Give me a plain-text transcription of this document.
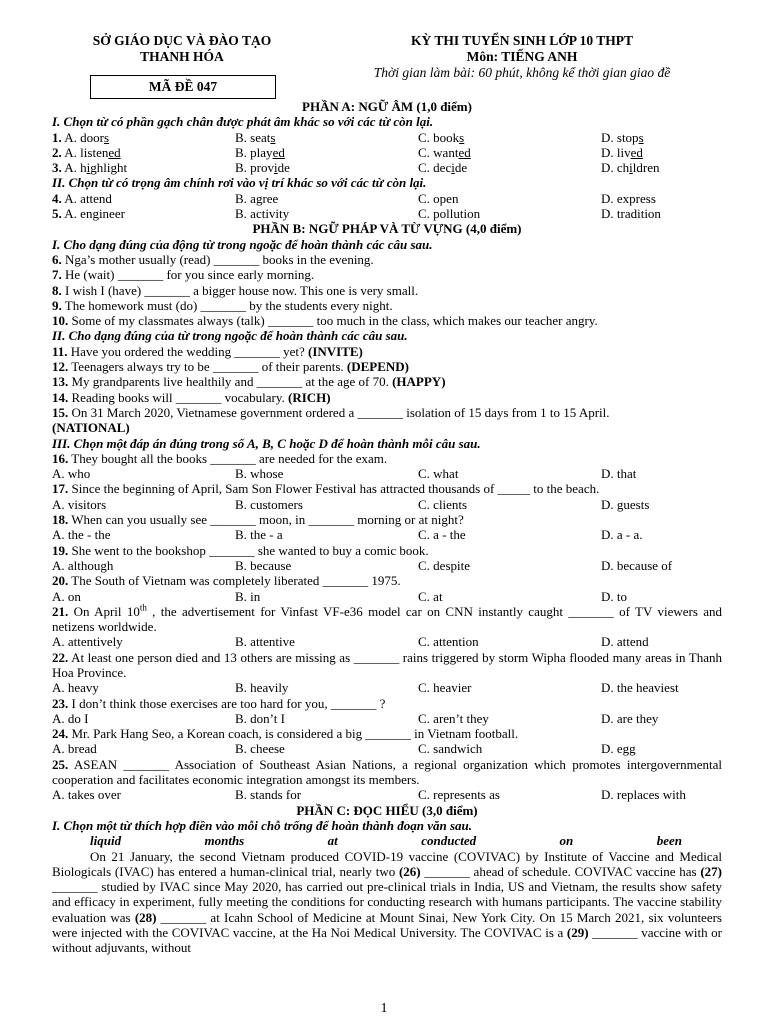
SỞ GIÁO DỤC VÀ ĐÀO TẠO
THANH HÓA
MÃ ĐỀ 047
KỲ THI TUYỂN SINH LỚP 10 THPT
Môn: TIẾNG ANH
Thời gian làm bài: 60 phút, không kể thời gian giao đề
PHẦN A: NGỮ ÂM (1,0 điểm)
I. Chọn từ có phần gạch chân được phát âm khác so với các từ còn lại.
1. A. doors	B. seats	C. books	D. stops
2. A. listened	B. played	C. wanted	D. lived
3. A. highlight	B. provide	C. decide	D. children
II. Chọn từ có trọng âm chính rơi vào vị trí khác so với các từ còn lại.
4. A. attend	B. agree	C. open	D. express
5. A. engineer	B. activity	C. pollution	D. tradition
PHẦN B: NGỮ PHÁP VÀ TỪ VỰNG (4,0 điểm)
I. Cho dạng đúng của động từ trong ngoặc để hoàn thành các câu sau.
6. Nga’s mother usually (read) _______ books in the evening.
7. He (wait) _______ for you since early morning.
8. I wish I (have) _______ a bigger house now. This one is very small.
9. The homework must (do) _______ by the students every night.
10. Some of my classmates always (talk) _______ too much in the class, which makes our teacher angry.
II. Cho dạng đúng của từ trong ngoặc để hoàn thành các câu sau.
11. Have you ordered the wedding _______ yet? (INVITE)
12. Teenagers always try to be _______ of their parents. (DEPEND)
13. My grandparents live healthily and _______ at the age of 70. (HAPPY)
14. Reading books will _______ vocabulary. (RICH)
15. On 31 March 2020, Vietnamese government ordered a _______ isolation of 15 days from 1 to 15 April.
(NATIONAL)
III. Chọn một đáp án đúng trong số A, B, C hoặc D để hoàn thành mỗi câu sau.
16. They bought all the books _______ are needed for the exam.
A. who	B. whose	C. what	D. that
17. Since the beginning of April, Sam Son Flower Festival has attracted thousands of _____ to the beach.
A. visitors	B. customers	C. clients	D. guests
18. When can you usually see _______ moon, in _______ morning or at night?
A. the - the	B. the - a	C. a - the	D. a - a.
19. She went to the bookshop _______ she wanted to buy a comic book.
A. although	B. because	C. despite	D. because of
20. The South of Vietnam was completely liberated _______ 1975.
A. on	B. in	C. at	D. to
21. On April 10th , the advertisement for Vinfast VF-e36 model car on CNN instantly caught _______ of TV viewers and netizens worldwide.
A. attentively	B. attentive	C. attention	D. attend
22. At least one person died and 13 others are missing as _______ rains triggered by storm Wipha flooded many areas in Thanh Hoa Province.
A. heavy	B. heavily	C. heavier	D. the heaviest
23. I don’t think those exercises are too hard for you, _______ ?
A. do I	B. don’t I	C. aren’t they	D. are they
24. Mr. Park Hang Seo, a Korean coach, is considered a big _______ in Vietnam football.
A. bread	B. cheese	C. sandwich	D. egg
25. ASEAN _______ Association of Southeast Asian Nations, a regional organization which promotes intergovernmental cooperation and facilitates economic integration amongst its members.
A. takes over	B. stands for	C. represents as	D. replaces with
PHẦN C: ĐỌC HIỂU (3,0 điểm)
I. Chọn một từ thích hợp điền vào mỗi chỗ trống để hoàn thành đoạn văn sau.
liquid	months	at	conducted	on	been
On 21 January, the second Vietnam produced COVID-19 vaccine (COVIVAC) by Institute of Vaccine and Medical Biologicals (IVAC) has entered a human-clinical trial, nearly two (26) _______ ahead of schedule. COVIVAC vaccine has (27) _______ studied by IVAC since May 2020, has carried out pre-clinical trials in India, US and Vietnam, the results show safety and efficacy in experiment, fully meeting the conditions for conducting research with humans participants. The vaccine stability evaluation was (28) _______ at Icahn School of Medicine at Mount Sinai, New York City. On 15 March 2021, six volunteers were injected with the COVIVAC vaccine, at the Ha Noi Medical University. The COVIVAC is a (29) _______ vaccine with or without adjuvants, without
1
